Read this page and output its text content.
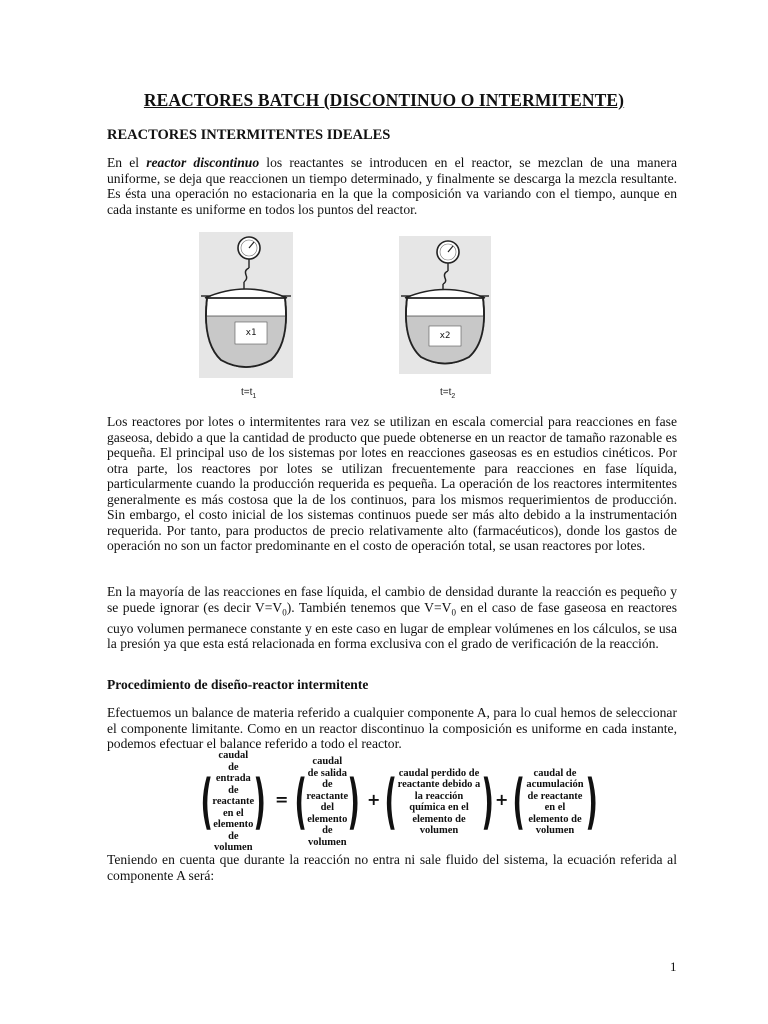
REACTORES BATCH (DISCONTINUO O INTERMITENTE)
REACTORES INTERMITENTES IDEALES
En el reactor discontinuo los reactantes se introducen en el reactor, se mezclan de una manera uniforme, se deja que reaccionen un tiempo determinado, y finalmente se descarga la mezcla resultante. Es ésta una operación no estacionaria en la que la composición va variando con el tiempo, aunque en cada instante es uniforme en todos los puntos del reactor.
x1
$t=t_1$
x2
$t=t_2$
Los reactores por lotes o intermitentes rara vez se utilizan en escala comercial para reacciones en fase gaseosa, debido a que la cantidad de producto que puede obtenerse en un reactor de tamaño razonable es pequeña. El principal uso de los sistemas por lotes en reacciones gaseosas es en estudios cinéticos. Por otra parte, los reactores por lotes se utilizan frecuentemente para reacciones en fase líquida, particularmente cuando la producción requerida es pequeña. La operación de los reactores intermitentes generalmente es más costosa que la de los continuos, para los mismos requerimientos de producción. Sin embargo, el costo inicial de los sistemas continuos puede ser más alto debido a la instrumentación requerida. Por tanto, para productos de precio relativamente alto (farmacéuticos), donde los gastos de operación no son un factor predominante en el costo de operación total, se usan reactores por lotes.
En la mayoría de las reacciones en fase líquida, el cambio de densidad durante la reacción es pequeño y se puede ignorar (es decir $V=V_0$). También tenemos que $V=V_0$ en el caso de fase gaseosa en reactores cuyo volumen permanece constante y en este caso en lugar de emplear volúmenes en los cálculos, se usa la presión ya que esta está relacionada en forma exclusiva con el grado de verificación de la reacción.
Procedimiento de diseño-reactor intermitente
Efectuemos un balance de materia referido a cualquier componente A, para lo cual hemos de seleccionar el componente limitante. Como en un reactor discontinuo la composición es uniforme en cada instante, podemos efectuar el balance referido a todo el reactor.
(
caudal de entrada de reactante en el elemento de volumen
) = (
caudal de salida de reactante del elemento de volumen
) + ( caudal perdido de reactante debido a la reacción química en el elemento de volumen ) + ( caudal de acumulación de reactante en el elemento de volumen )
Teniendo en cuenta que durante la reacción no entra ni sale fluido del sistema, la ecuación referida al componente A será:
1
